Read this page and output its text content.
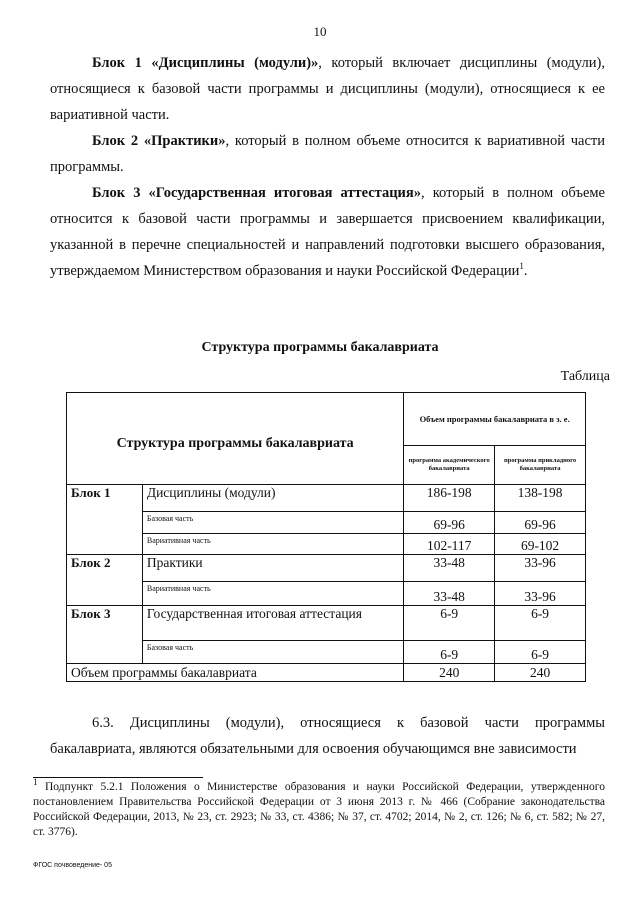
10

Блок 1 «Дисциплины (модули)», который включает дисциплины (модули), относящиеся к базовой части программы и дисциплины (модули), относящиеся к ее вариативной части.

Блок 2 «Практики», который в полном объеме относится к вариативной части программы.

Блок 3 «Государственная итоговая аттестация», который в полном объеме относится к базовой части программы и завершается присвоением квалификации, указанной в перечне специальностей и направлений подготовки высшего образования, утверждаемом Министерством образования и науки Российской Федерации$^1$.

Структура программы бакалавриата
Таблица
Структура программы бакалавриата		Объем программы бакалавриата в з. е.	
		программа академического бакалавриата	программа прикладного бакалавриата
Блок 1	Дисциплины (модули)	186-198	138-198
	Базовая часть	69-96	69-96
	Вариативная часть	102-117	69-102
Блок 2	Практики	33-48	33-96
	Вариативная часть	33-48	33-96
Блок 3	Государственная итоговая аттестация	6-9	6-9
	Базовая часть	6-9	6-9
Объем программы бакалавриата		240	240

6.3. Дисциплины (модули), относящиеся к базовой части программы бакалавриата, являются обязательными для освоения обучающимся вне зависимости

$^1$ Подпункт 5.2.1 Положения о Министерстве образования и науки Российской Федерации, утвержденного постановлением Правительства Российской Федерации от 3 июня 2013 г. № 466 (Собрание законодательства Российской Федерации, 2013, № 23, ст. 2923; № 33, ст. 4386; № 37, ст. 4702; 2014, № 2, ст. 126; № 6, ст. 582; № 27, ст. 3776).
ФГОС почвоведение- 05
